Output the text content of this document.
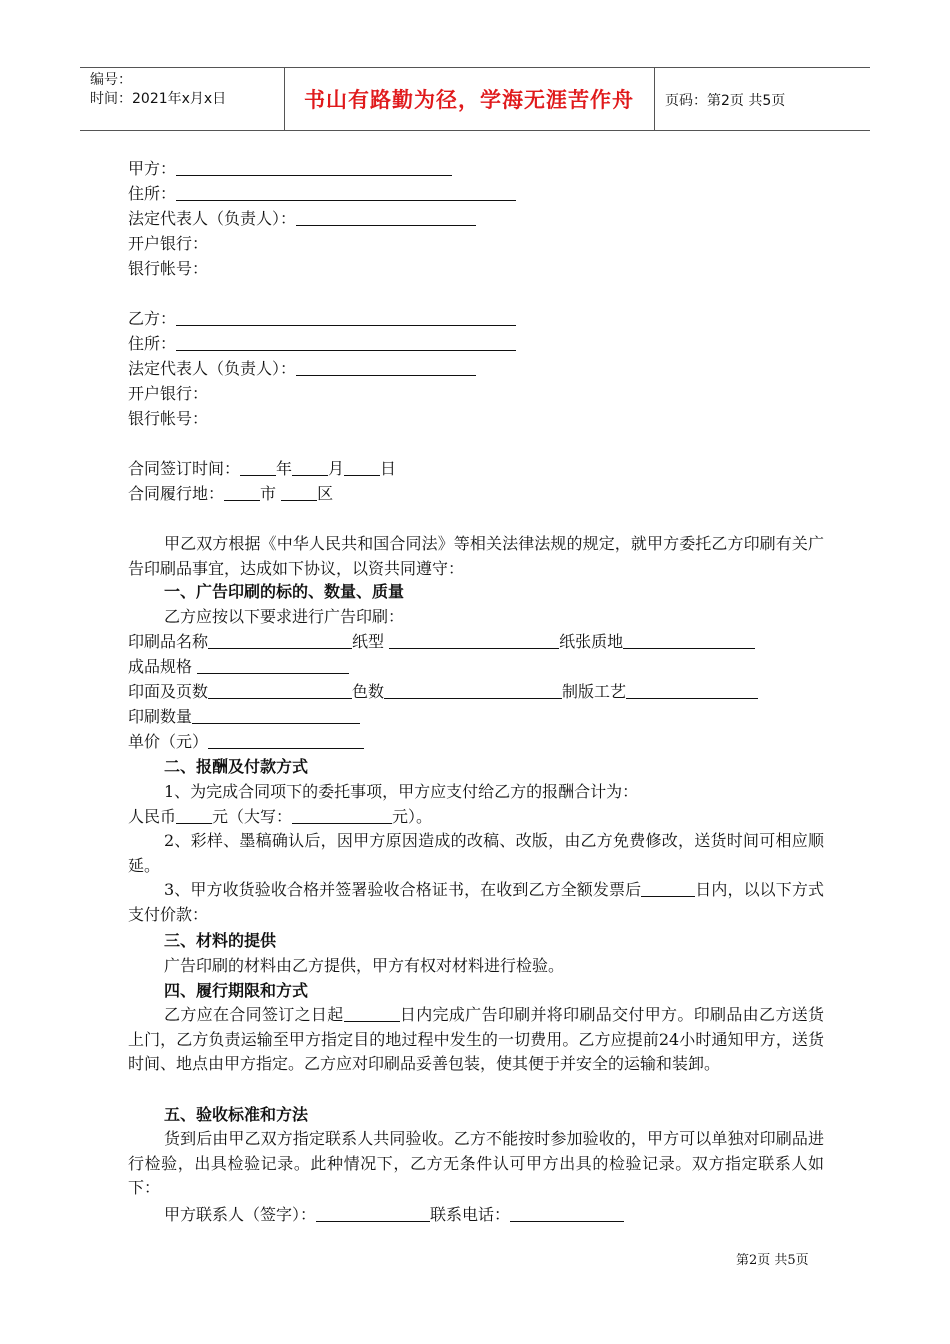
编号：
时间：2021年x月x日	书山有路勤为径，学海无涯苦作舟	页码：第2页 共5页
甲方：
住所：
法定代表人（负责人）：
开户银行：
银行帐号：
乙方：
住所：
法定代表人（负责人）：
开户银行：
银行帐号：
合同签订时间： 年 月 日
合同履行地： 市	区
甲乙双方根据《中华人民共和国合同法》等相关法律法规的规定，就甲方委托乙方印刷有关广告印刷品事宜，达成如下协议，以资共同遵守：
一、广告印刷的标的、数量、质量
乙方应按以下要求进行广告印刷：
印刷品名称	纸型	纸张质地
成品规格
印面及页数	色数	制版工艺
印刷数量
单价（元）
二、报酬及付款方式
1、为完成合同项下的委托事项，甲方应支付给乙方的报酬合计为：
人民币 元（大写：	元）。
2、彩样、墨稿确认后，因甲方原因造成的改稿、改版，由乙方免费修改，送货时间可相应顺延。
3、甲方收货验收合格并签署验收合格证书，在收到乙方全额发票后	日内，以以下方式支付价款：
三、材料的提供
广告印刷的材料由乙方提供，甲方有权对材料进行检验。
四、履行期限和方式
乙方应在合同签订之日起	日内完成广告印刷并将印刷品交付甲方。印刷品由乙方送货上门，乙方负责运输至甲方指定目的地过程中发生的一切费用。乙方应提前24小时通知甲方，送货时间、地点由甲方指定。乙方应对印刷品妥善包装，使其便于并安全的运输和装卸。
五、验收标准和方法
货到后由甲乙双方指定联系人共同验收。乙方不能按时参加验收的，甲方可以单独对印刷品进行检验，出具检验记录。此种情况下，乙方无条件认可甲方出具的检验记录。双方指定联系人如下：
甲方联系人（签字）：	联系电话：
第2页 共5页
